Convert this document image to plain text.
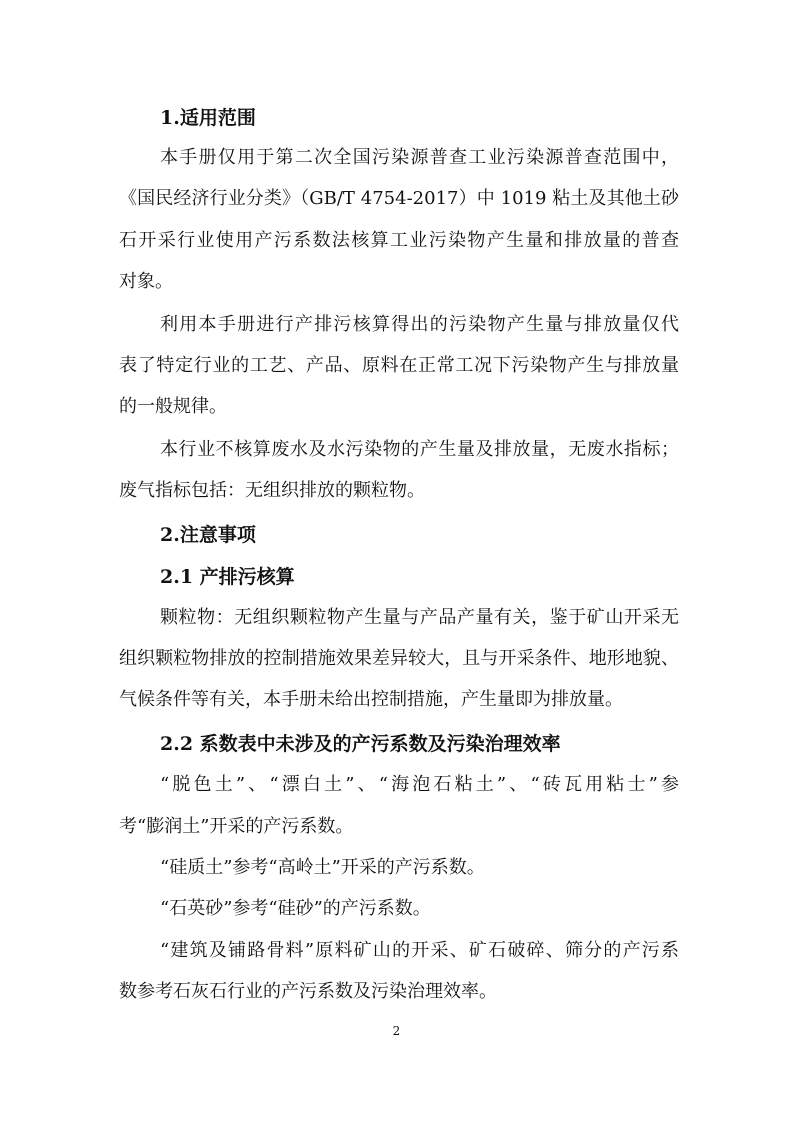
1.适用范围
本手册仅用于第二次全国污染源普查工业污染源普查范围中，
《国民经济行业分类》（GB/T 4754-2017）中 1019 粘土及其他土砂
石开采行业使用产污系数法核算工业污染物产生量和排放量的普查
对象。
利用本手册进行产排污核算得出的污染物产生量与排放量仅代
表了特定行业的工艺、产品、原料在正常工况下污染物产生与排放量
的一般规律。
本行业不核算废水及水污染物的产生量及排放量，无废水指标；
废气指标包括：无组织排放的颗粒物。
2.注意事项
2.1 产排污核算
颗粒物：无组织颗粒物产生量与产品产量有关，鉴于矿山开采无
组织颗粒物排放的控制措施效果差异较大，且与开采条件、地形地貌、
气候条件等有关，本手册未给出控制措施，产生量即为排放量。
2.2 系数表中未涉及的产污系数及污染治理效率
“脱色土”、“漂白土”、“海泡石粘土”、“砖瓦用粘士”参
考“膨润土”开采的产污系数。
“硅质土”参考“高岭土”开采的产污系数。
“石英砂”参考“硅砂”的产污系数。
“建筑及铺路骨料”原料矿山的开采、矿石破碎、筛分的产污系
数参考石灰石行业的产污系数及污染治理效率。
2
